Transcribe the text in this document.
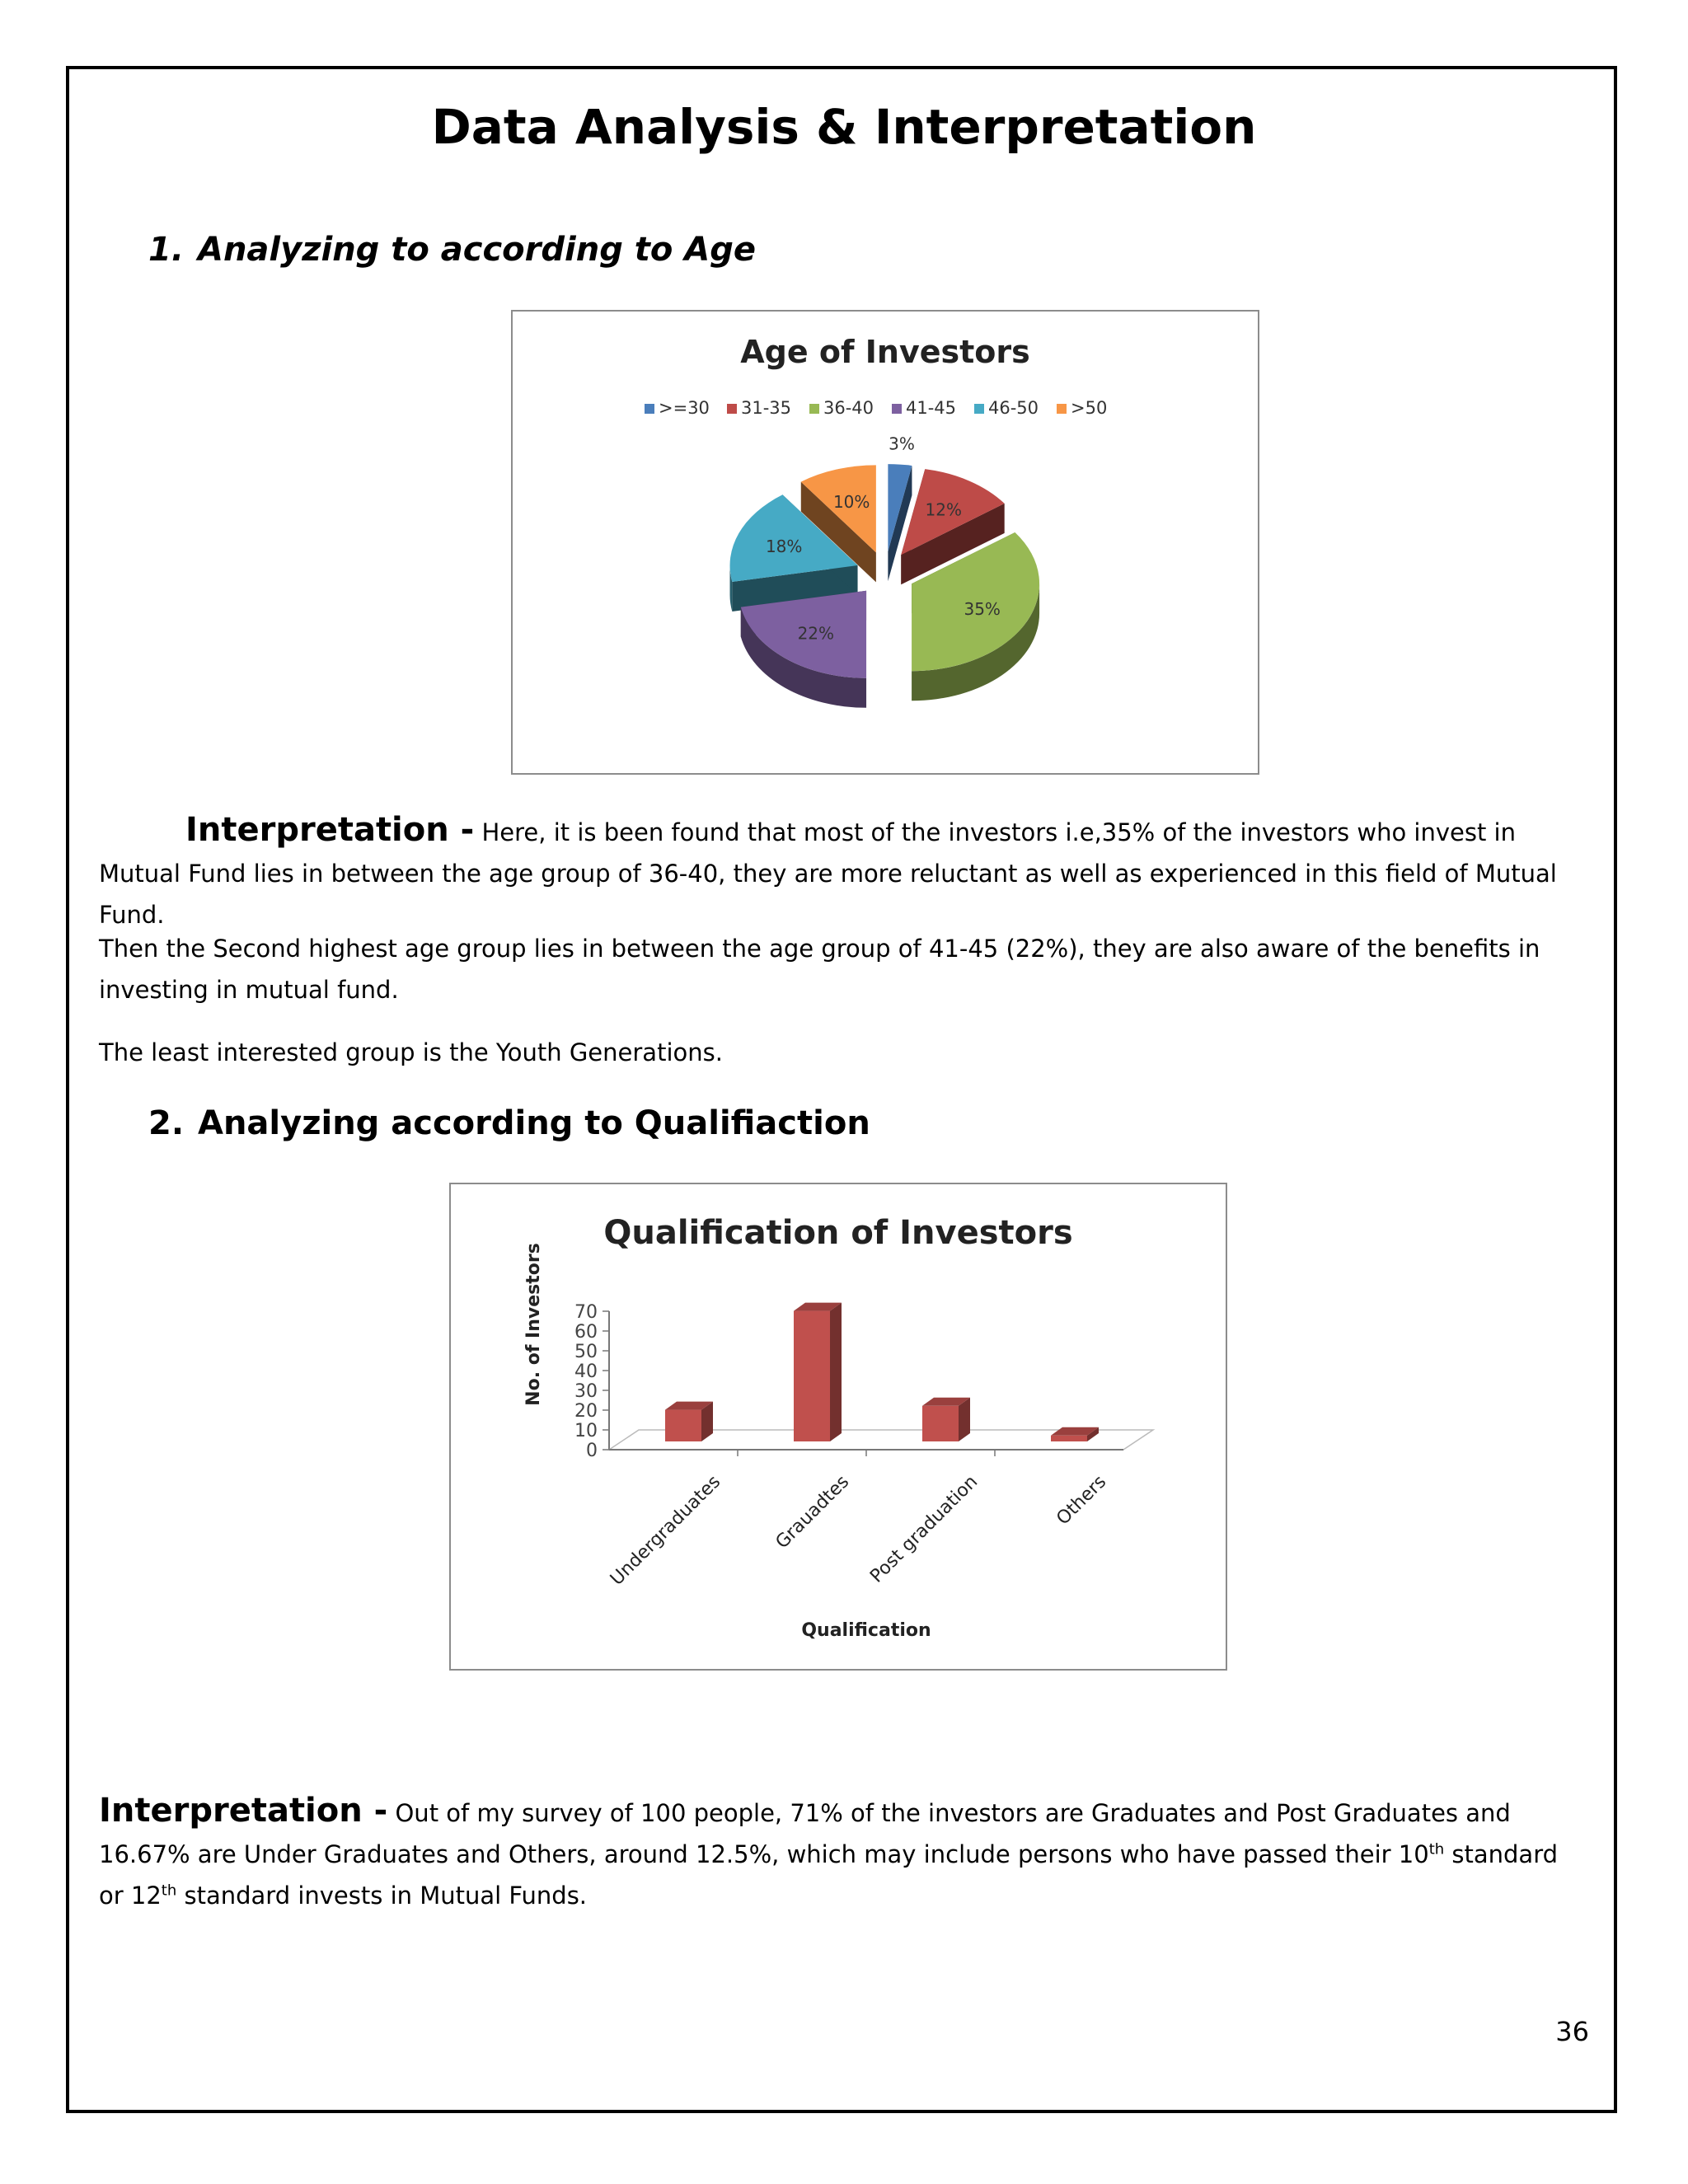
Data Analysis & Interpretation
1. Analyzing to according to Age
Age of Investors
>=30 31-35 36-40 41-45 46-50 >50
3%
12%
35%
22%
18%
10%

Interpretation - Here, it is been found that most of the investors i.e,35% of the investors who invest in Mutual Fund lies in between the age group of 36-40, they are more reluctant as well as experienced in this field of Mutual Fund.

Then the Second highest age group lies in between the age group of 41-45 (22%), they are also aware of the benefits in investing in mutual fund.

The least interested group is the Youth Generations.

2. Analyzing according to Qualifiaction
Qualification of Investors
No. of Investors
Qualification
0
10
20
30
40
50
60
70
Undergraduates	Grauadtes Post graduation	Others

Interpretation - Out of my survey of 100 people, 71% of the investors are Graduates and Post Graduates and 16.67% are Under Graduates and Others, around 12.5%, which may include persons who have passed their 10th standard or 12th standard invests in Mutual Funds.

36
